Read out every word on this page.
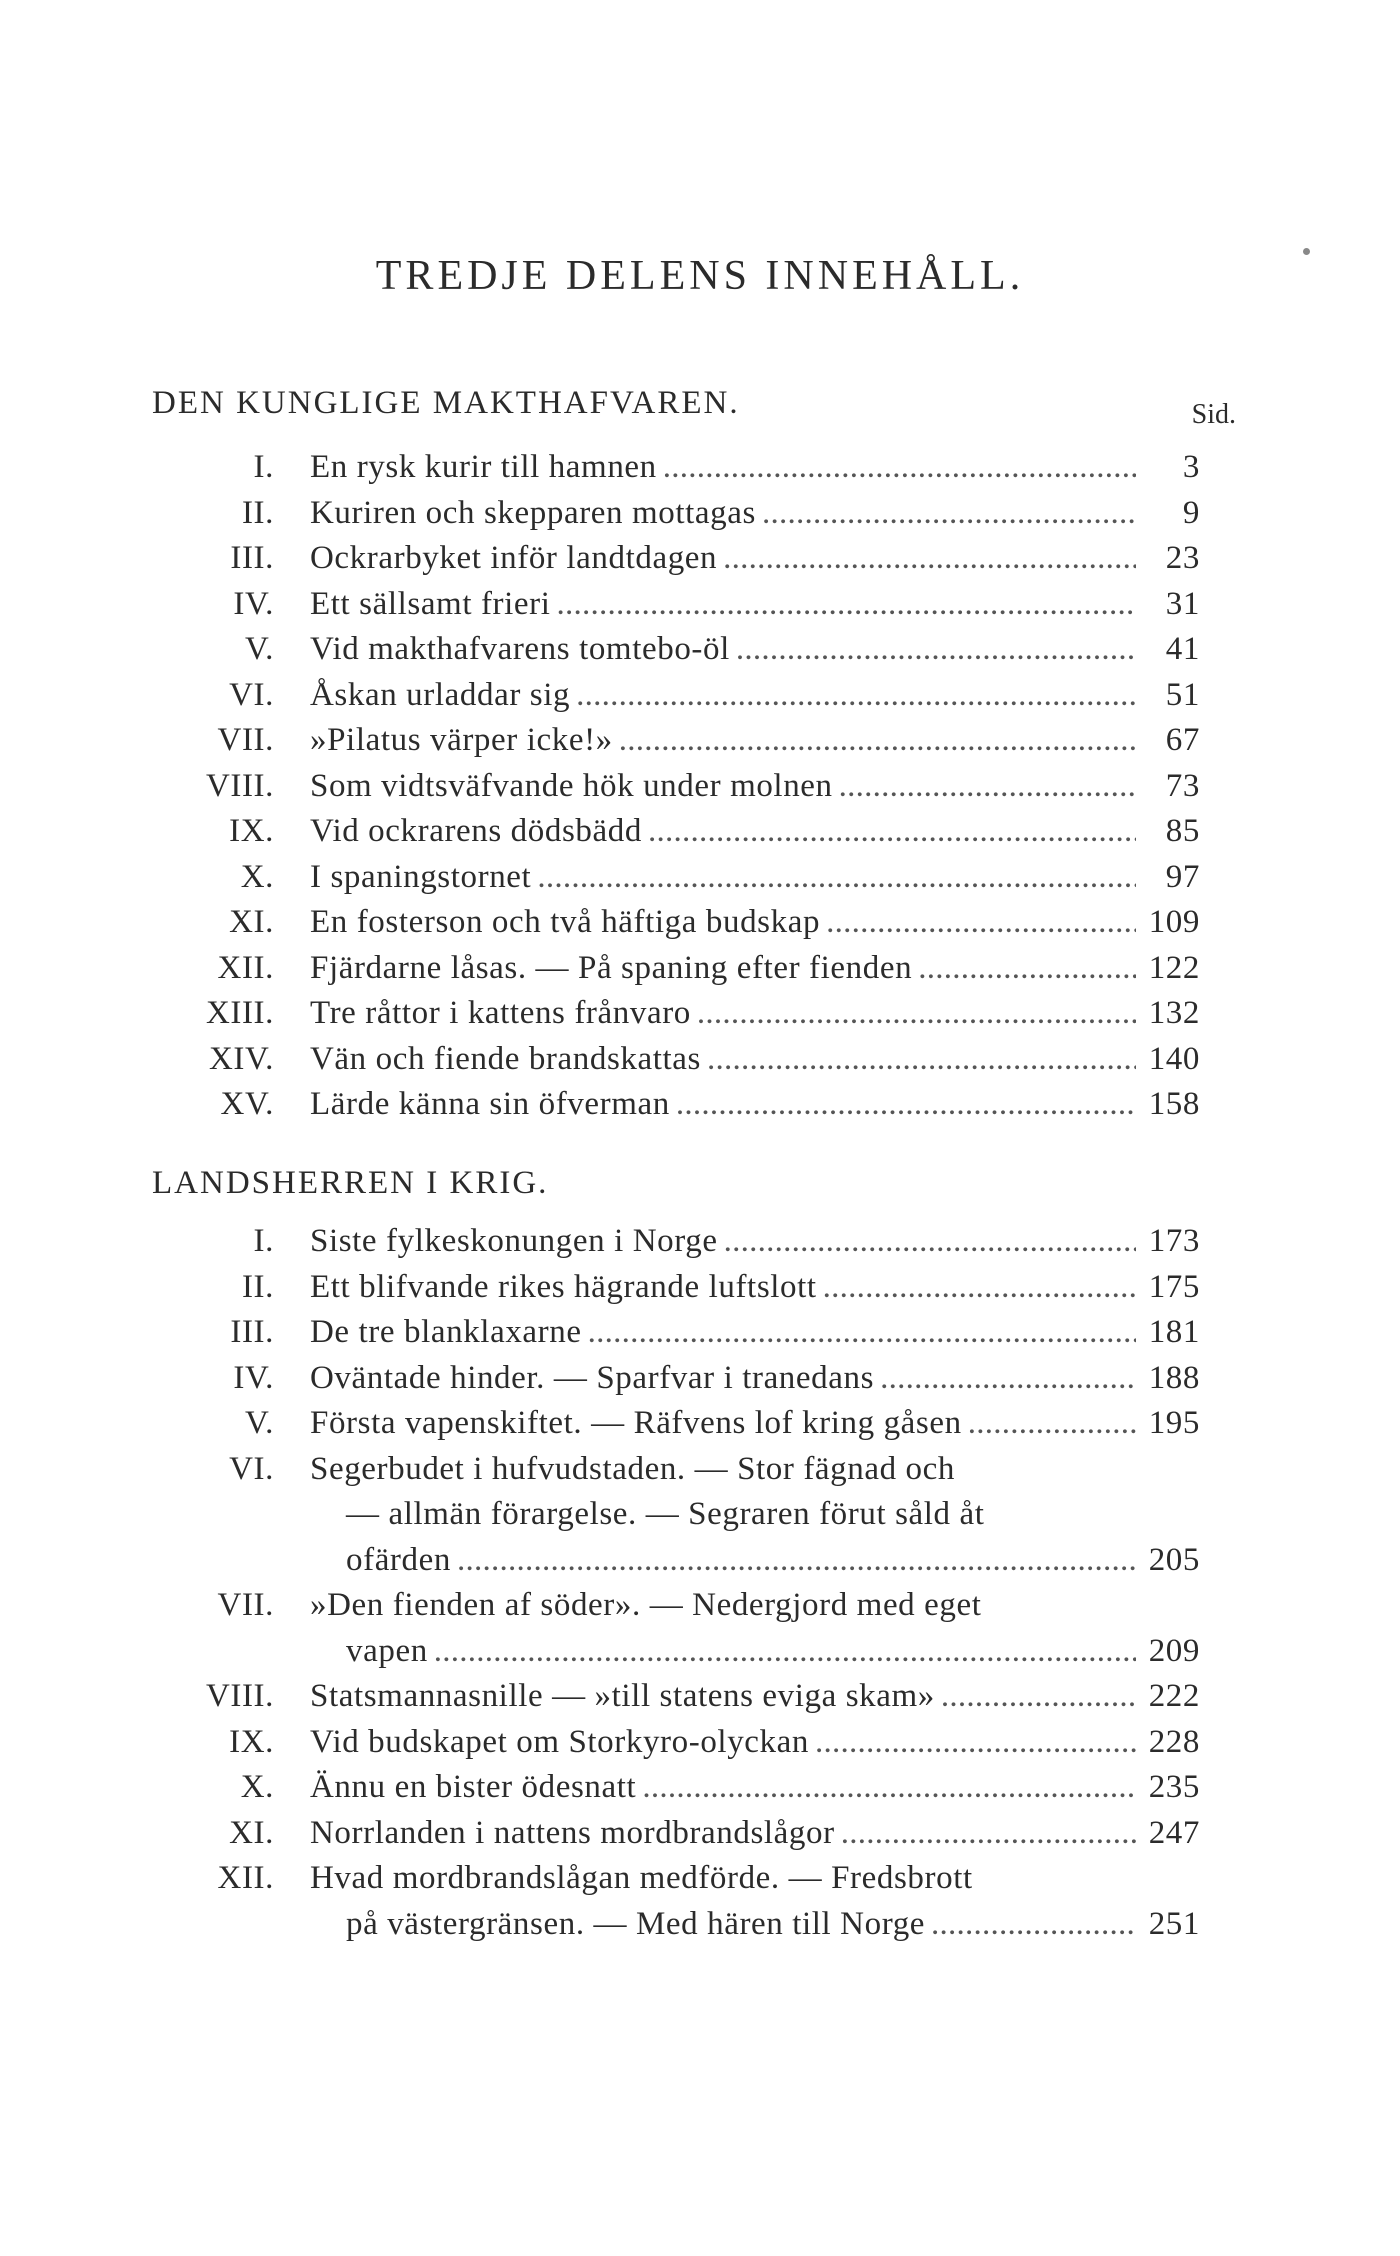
TREDJE DELENS INNEHÅLL.
DEN KUNGLIGE MAKTHAFVAREN.	Sid.
I.	En rysk kurir till hamnen . . .	3
II.	Kuriren och skepparen mottagas . . .	9
III.	Ockrarbyket inför landtdagen . . .	23
IV.	Ett sällsamt frieri . . .	31
V.	Vid makthafvarens tomtebo-öl . . .	41
VI.	Åskan urladdar sig . . .	51
VII.	»Pilatus värper icke!» . . .	67
VIII.	Som vidtsväfvande hök under molnen . . .	73
IX.	Vid ockrarens dödsbädd . . .	85
X.	I spaningstornet . . .	97
XI.	En fosterson och två häftiga budskap . . .	109
XII.	Fjärdarne låsas. — På spaning efter fienden . . .	122
XIII.	Tre råttor i kattens frånvaro . . .	132
XIV.	Vän och fiende brandskattas . . .	140
XV.	Lärde känna sin öfverman . . .	158
LANDSHERREN I KRIG.
I.	Siste fylkeskonungen i Norge . . .	173
II.	Ett blifvande rikes hägrande luftslott . . .	175
III.	De tre blanklaxarne . . .	181
IV.	Oväntade hinder. — Sparfvar i tranedans . . .	188
V.	Första vapenskiftet. — Räfvens lof kring gåsen . . .	195
VI.	Segerbudet i hufvudstaden. — Stor fägnad och
— allmän förargelse. — Segraren förut såld åt
ofärden . . .	205
VII.	»Den fienden af söder». — Nedergjord med eget
vapen . . .	209
VIII.	Statsmannasnille — »till statens eviga skam» . . .	222
IX.	Vid budskapet om Storkyro-olyckan . . .	228
X.	Ännu en bister ödesnatt . . .	235
XI.	Norrlanden i nattens mordbrandslågor . . .	247
XII.	Hvad mordbrandslågan medförde. — Fredsbrott
på västergränsen. — Med hären till Norge . . .	251
